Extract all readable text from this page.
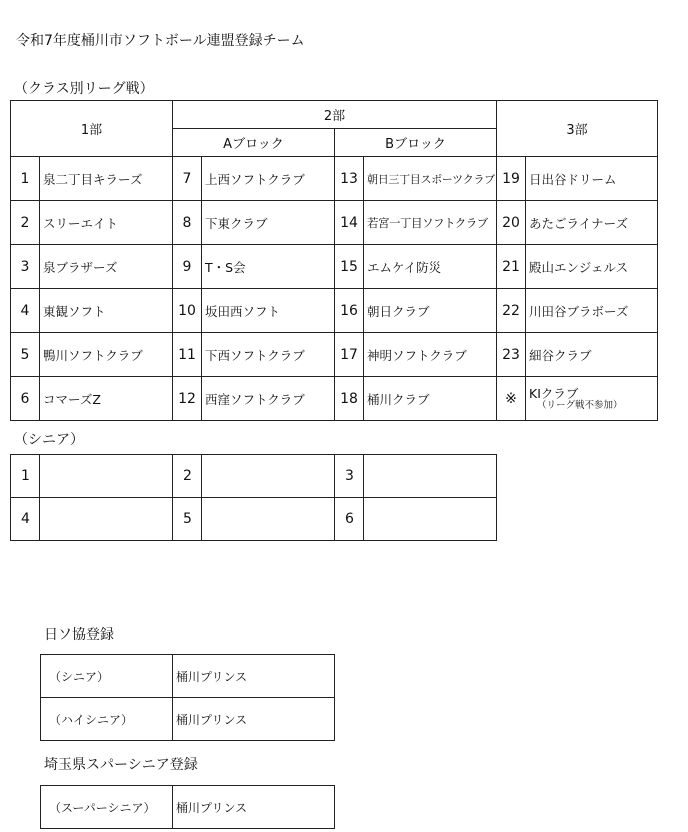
令和7年度桶川市ソフトボール連盟登録チーム
（クラス別リーグ戦）
1部		2部				3部	
		Aブロック		Bブロック			
1	泉二丁目キラーズ	7	上西ソフトクラブ	13	朝日三丁目スポーツクラブ	19	日出谷ドリーム
2	スリーエイト	8	下東クラブ	14	若宮一丁目ソフトクラブ	20	あたごライナーズ
3	泉ブラザーズ	9	T・S会	15	エムケイ防災	21	殿山エンジェルス
4	東観ソフト	10	坂田西ソフト	16	朝日クラブ	22	川田谷ブラボーズ
5	鴨川ソフトクラブ	11	下西ソフトクラブ	17	神明ソフトクラブ	23	細谷クラブ
6	コマーズZ	12	西窪ソフトクラブ	18	桶川クラブ	※	KIクラブ
（リーグ戦不参加）
（シニア）
1		2		3	
4		5		6	
日ソ協登録
（シニア）	桶川プリンス
（ハイシニア）	桶川プリンス
埼玉県スパーシニア登録
（スーパーシニア）	桶川プリンス
